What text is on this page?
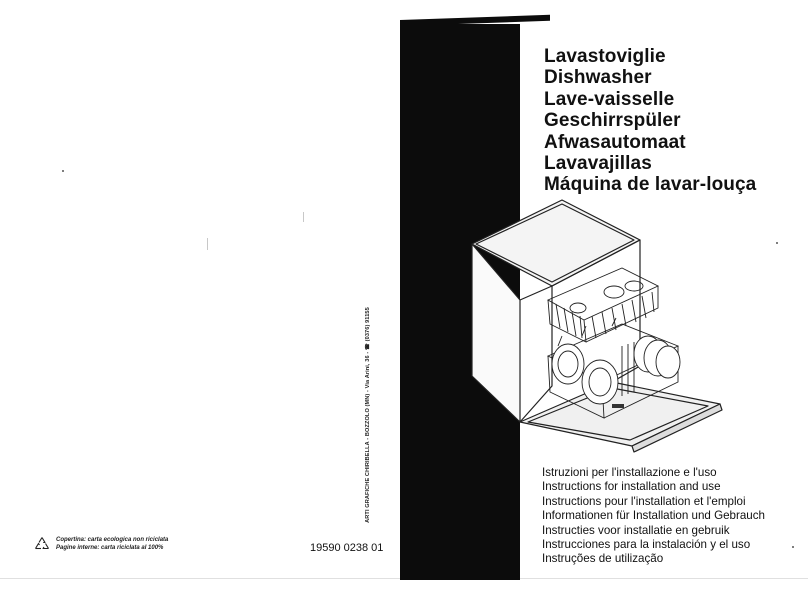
Lavastoviglie
Dishwasher
Lave-vaisselle
Geschirrspüler
Afwasautomaat
Lavavajillas
Máquina de lavar-louça
Istruzioni per l'installazione e l'uso
Instructions for installation and use
Instructions pour l'installation et l'emploi
Informationen für Installation und Gebrauch
Instructies voor installatie en gebruik
Instrucciones para la instalación y el uso
Instruções de utilização
ARTI GRAFICHE CHIRIBELLA - BOZZOLO (MN) - Via Arini, 36 - ☎ (0376) 91155
19590 0238 01
Copertina: carta ecologica non riciclata
Pagine interne: carta riciclata al 100%
